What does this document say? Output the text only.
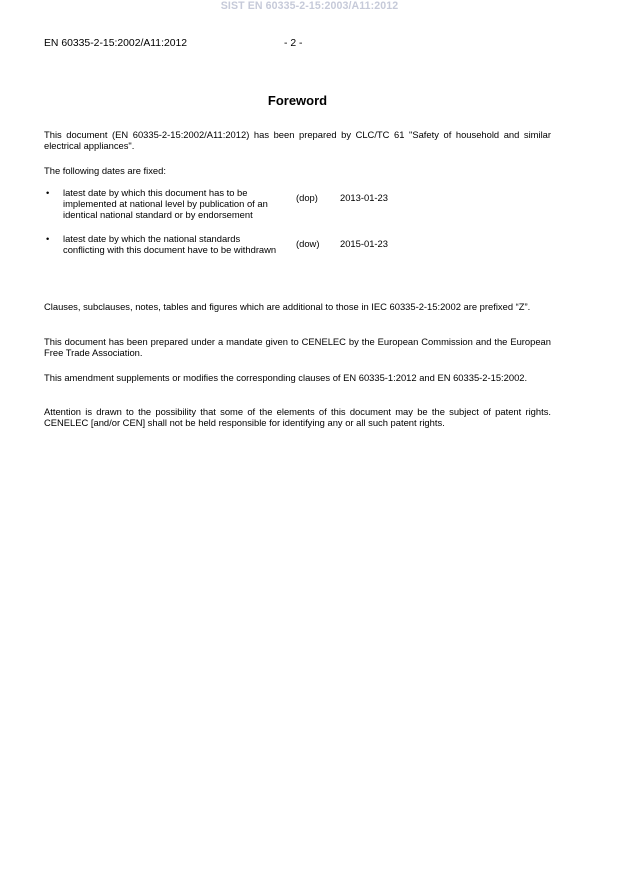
SIST EN 60335-2-15:2003/A11:2012
EN 60335-2-15:2002/A11:2012	- 2 -
Foreword

This document (EN 60335-2-15:2002/A11:2012) has been prepared by CLC/TC 61 "Safety of household and similar electrical appliances".

The following dates are fixed:

• latest date by which this document has to be implemented at national level by publication of an identical national standard or by endorsement
(dop) 2013-01-23
• latest date by which the national standards conflicting with this document have to be withdrawn
(dow) 2015-01-23

Clauses, subclauses, notes, tables and figures which are additional to those in IEC 60335-2-15:2002 are prefixed “Z”.

This document has been prepared under a mandate given to CENELEC by the European Commission and the European Free Trade Association.

This amendment supplements or modifies the corresponding clauses of EN 60335-1:2012 and EN 60335-2-15:2002.

Attention is drawn to the possibility that some of the elements of this document may be the subject of patent rights. CENELEC [and/or CEN] shall not be held responsible for identifying any or all such patent rights.
